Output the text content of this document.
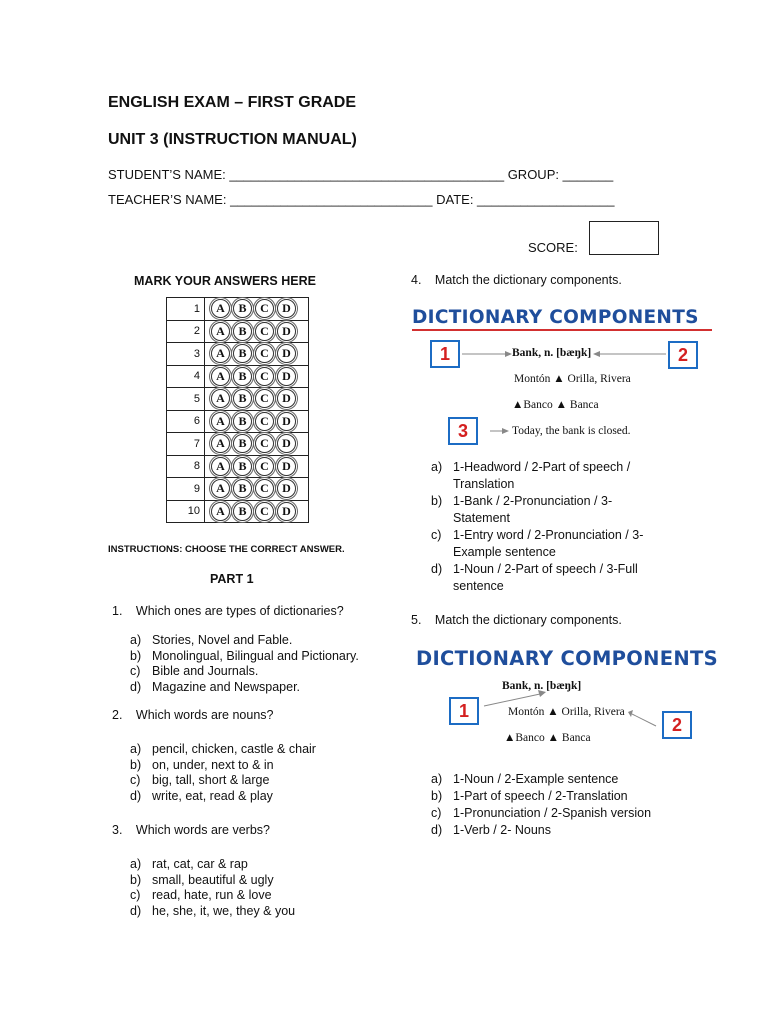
ENGLISH EXAM – FIRST GRADE
UNIT 3 (INSTRUCTION MANUAL)
STUDENT’S NAME: ______________________________________ GROUP: _______
TEACHER’S NAME: ____________________________ DATE: ___________________
SCORE:
MARK YOUR ANSWERS HERE
1	A B C D
2	A B C D
3	A B C D
4	A B C D
5	A B C D
6	A B C D
7	A B C D
8	A B C D
9	A B C D
10	A B C D
INSTRUCTIONS: CHOOSE THE CORRECT ANSWER.
PART 1
1. Which ones are types of dictionaries?
a) Stories, Novel and Fable.
b) Monolingual, Bilingual and Pictionary.
c) Bible and Journals.
d) Magazine and Newspaper.
2. Which words are nouns?
a) pencil, chicken, castle & chair
b) on, under, next to & in
c) big, tall, short & large
d) write, eat, read & play
3. Which words are verbs?
a) rat, cat, car & rap
b) small, beautiful & ugly
c) read, hate, run & love
d) he, she, it, we, they & you
4. Match the dictionary components.
DICTIONARY COMPONENTS
1	2
3
Bank, n. [bæŋk]
Montón ▲ Orilla, Rivera
▲Banco ▲ Banca
Today, the bank is closed.
a) 1-Headword / 2-Part of speech / Translation
b) 1-Bank / 2-Pronunciation / 3-Statement
c) 1-Entry word / 2-Pronunciation / 3-Example sentence
d) 1-Noun / 2-Part of speech / 3-Full sentence
5. Match the dictionary components.
DICTIONARY COMPONENTS
1
2
Bank, n. [bæŋk]
Montón ▲ Orilla, Rivera
▲Banco ▲ Banca
a) 1-Noun / 2-Example sentence
b) 1-Part of speech / 2-Translation
c) 1-Pronunciation / 2-Spanish version
d) 1-Verb / 2- Nouns
